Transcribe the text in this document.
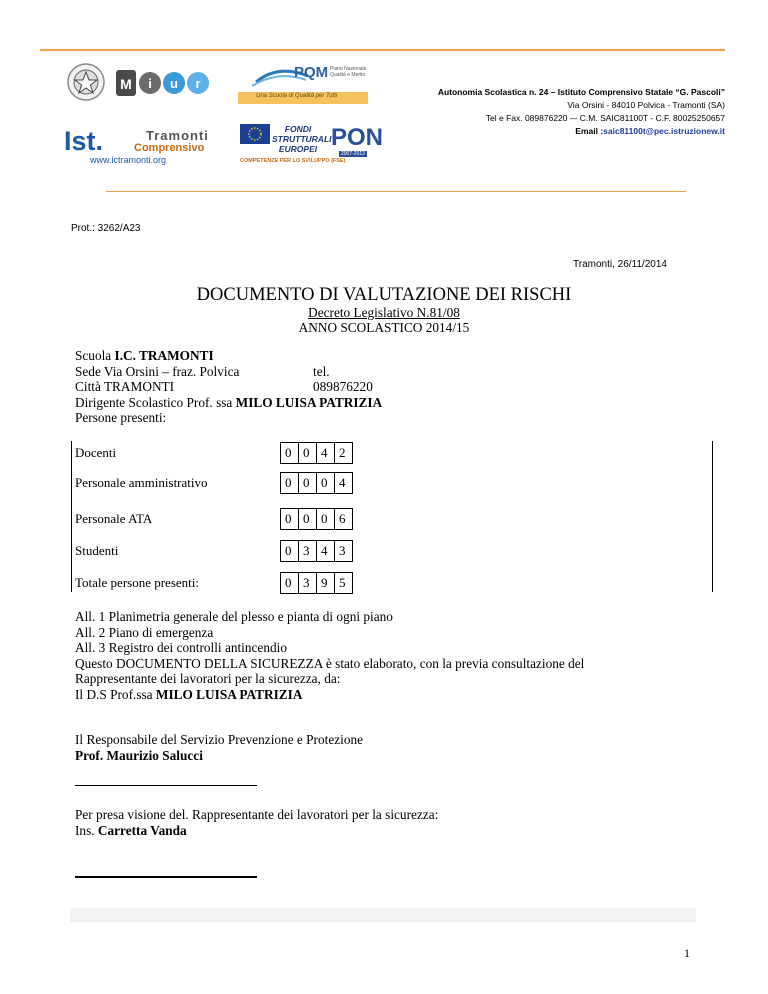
M i u r
PQM Piano Nazionale Qualità e Merito
Una Scuola di Qualità per Tutti
Ist.	Tramonti
Comprensivo
www.ictramonti.org
FONDI STRUTTURALI EUROPEI PON
2007-2013
COMPETENZE PER LO SVILUPPO (FSE)
Autonomia Scolastica n. 24 – Istituto Comprensivo Statale “G. Pascoli”
Via Orsini - 84010 Polvica - Tramonti (SA)
Tel e Fax. 089876220 –- C.M. SAIC81100T - C.F. 80025250657
Email :saic81100t@pec.istruzionew.it
Prot.: 3262/A23
Tramonti, 26/11/2014
DOCUMENTO DI VALUTAZIONE DEI RISCHI
Decreto Legislativo N.81/08
ANNO SCOLASTICO 2014/15
Scuola I.C. TRAMONTI
Sede Via Orsini – fraz. Polvica	tel. 089876220
Città TRAMONTI
Dirigente Scolastico Prof. ssa MILO LUISA PATRIZIA
Persone presenti:
Docenti	0 0 4 2
Personale amministrativo	0 0 0 4
Personale ATA	0 0 0 6
Studenti	0 3 4 3
Totale persone presenti:	0 3 9 5
All. 1 Planimetria generale del plesso e pianta di ogni piano
All. 2 Piano di emergenza
All. 3 Registro dei controlli antincendio
Questo DOCUMENTO DELLA SICUREZZA è stato elaborato, con la previa consultazione del
Rappresentante dei lavoratori per la sicurezza, da:
Il D.S Prof.ssa MILO LUISA PATRIZIA
Il Responsabile del Servizio Prevenzione e Protezione
Prof. Maurizio Salucci
Per presa visione del. Rappresentante dei lavoratori per la sicurezza:
Ins. Carretta Vanda
1
